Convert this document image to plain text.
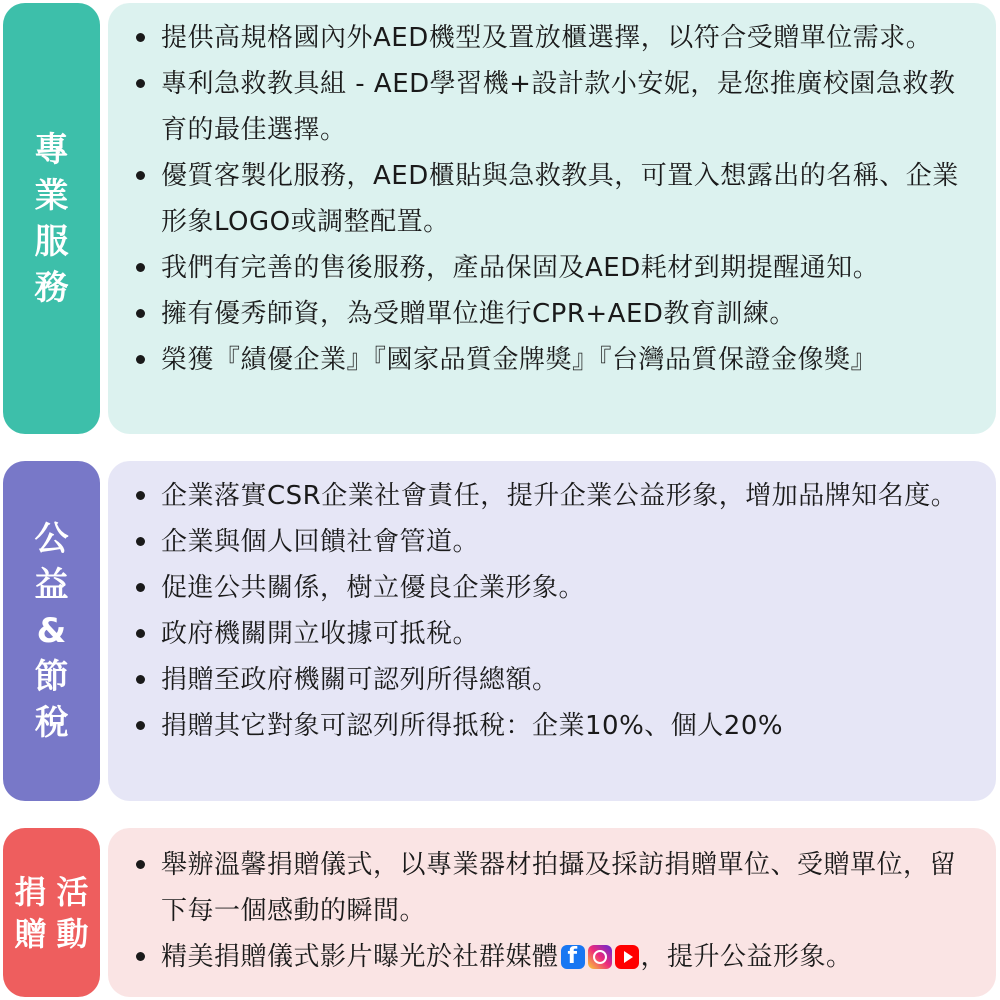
專
業
服
務
提供高規格國內外AED機型及置放櫃選擇，以符合受贈單位需求。
專利急救教具組 - AED學習機+設計款小安妮，是您推廣校園急救教育的最佳選擇。
優質客製化服務，AED櫃貼與急救教具，可置入想露出的名稱、企業形象LOGO或調整配置。
我們有完善的售後服務，產品保固及AED耗材到期提醒通知。
擁有優秀師資，為受贈單位進行CPR+AED教育訓練。
榮獲『績優企業』『國家品質金牌獎』『台灣品質保證金像獎』
公
益
&
節
稅
企業落實CSR企業社會責任，提升企業公益形象，增加品牌知名度。
企業與個人回饋社會管道。
促進公共關係，樹立優良企業形象。
政府機關開立收據可抵稅。
捐贈至政府機關可認列所得總額。
捐贈其它對象可認列所得抵稅：企業10%、個人20%
捐 活
贈 動
舉辦溫馨捐贈儀式，以專業器材拍攝及採訪捐贈單位、受贈單位，留下每一個感動的瞬間。
精美捐贈儀式影片曝光於社群媒體
f	，提升公益形象。
